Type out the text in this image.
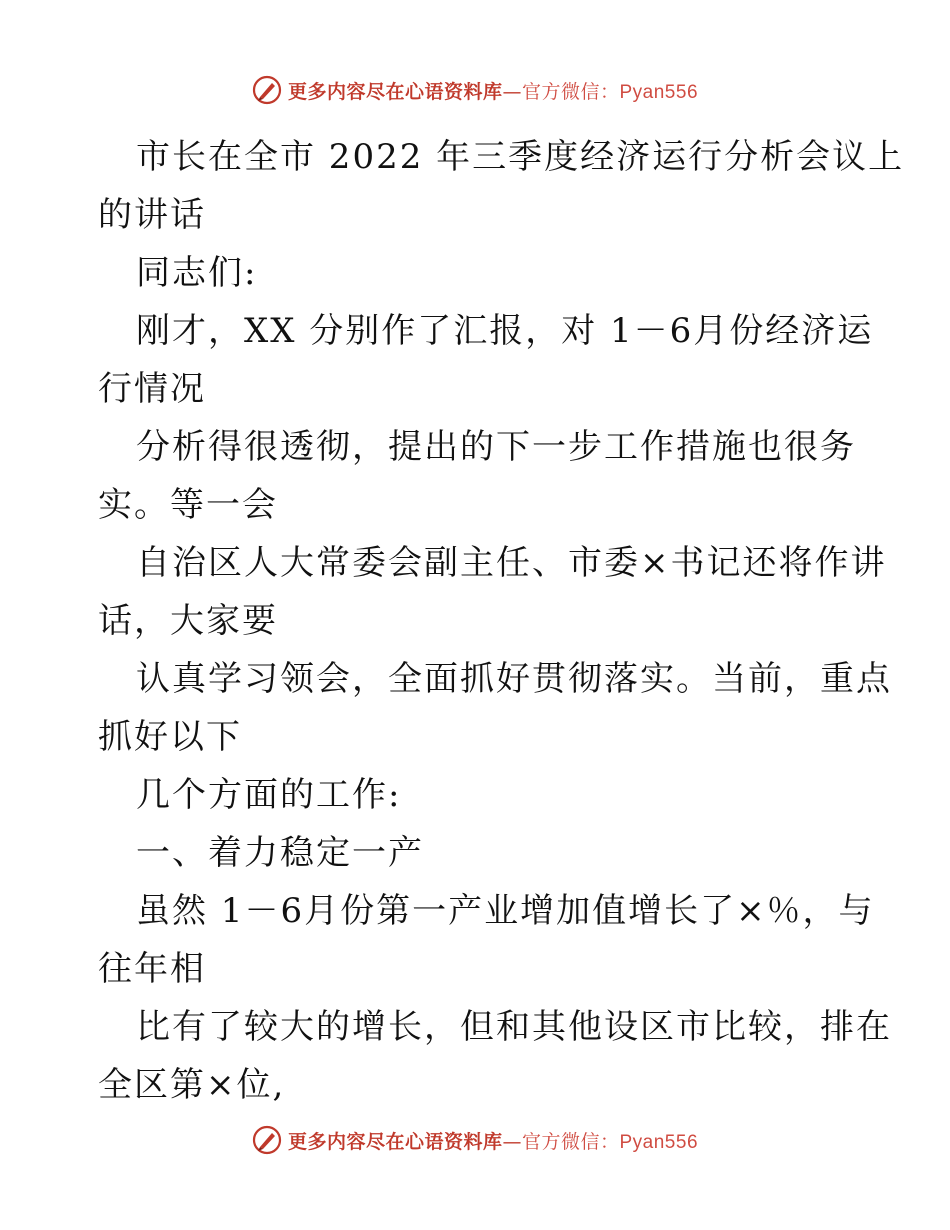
更多内容尽在心语资料库—官方微信：Pyan556
市长在全市 2022 年三季度经济运行分析会议上
的讲话
同志们:
刚才，XX 分别作了汇报，对 1－6月份经济运
行情况
分析得很透彻，提出的下一步工作措施也很务
实。等一会
自治区人大常委会副主任、市委×书记还将作讲
话，大家要
认真学习领会，全面抓好贯彻落实。当前，重点
抓好以下
几个方面的工作:
一、着力稳定一产
虽然 1－6月份第一产业增加值增长了×％，与
往年相
比有了较大的增长，但和其他设区市比较，排在
全区第×位,
更多内容尽在心语资料库—官方微信：Pyan556
